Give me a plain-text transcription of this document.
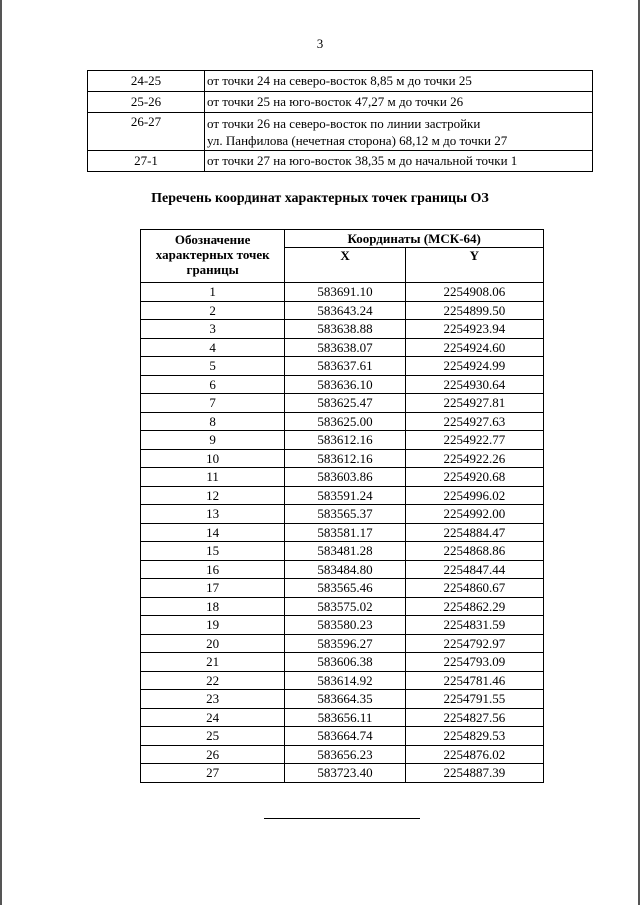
3
24-25	от точки 24 на северо-восток 8,85 м до точки 25
25-26	от точки 25 на юго-восток 47,27 м до точки 26
26-27	от точки 26 на северо-восток по линии застройки
ул. Панфилова (нечетная сторона) 68,12 м до точки 27

27-1	от точки 27 на юго-восток 38,35 м до начальной точки 1
Перечень координат характерных точек границы ОЗ
Обозначение характерных точек границы	Координаты (МСК-64)	
	X	Y
1	583691.10	2254908.06
2	583643.24	2254899.50
3	583638.88	2254923.94
4	583638.07	2254924.60
5	583637.61	2254924.99
6	583636.10	2254930.64
7	583625.47	2254927.81
8	583625.00	2254927.63
9	583612.16	2254922.77
10	583612.16	2254922.26
11	583603.86	2254920.68
12	583591.24	2254996.02
13	583565.37	2254992.00
14	583581.17	2254884.47
15	583481.28	2254868.86
16	583484.80	2254847.44
17	583565.46	2254860.67
18	583575.02	2254862.29
19	583580.23	2254831.59
20	583596.27	2254792.97
21	583606.38	2254793.09
22	583614.92	2254781.46
23	583664.35	2254791.55
24	583656.11	2254827.56
25	583664.74	2254829.53
26	583656.23	2254876.02
27	583723.40	2254887.39
